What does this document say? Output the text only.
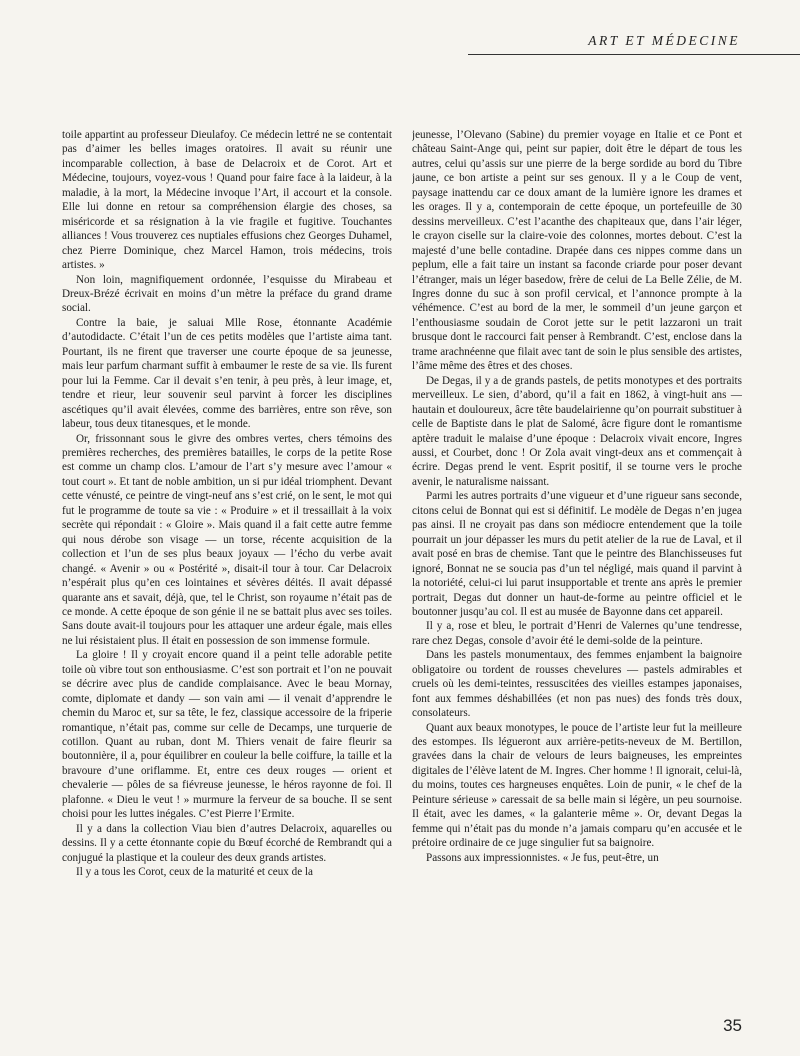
ART ET MÉDECINE

toile appartint au professeur Dieulafoy. Ce médecin lettré ne se contentait pas d’aimer les belles images oratoires. Il avait su réunir une incomparable collection, à base de Delacroix et de Corot. Art et Médecine, toujours, voyez-vous ! Quand pour faire face à la laideur, à la maladie, à la mort, la Médecine invoque l’Art, il accourt et la console. Elle lui donne en retour sa compréhension élargie des choses, sa miséricorde et sa résignation à la vie fragile et fugitive. Touchantes alliances ! Vous trouverez ces nuptiales effusions chez Georges Duhamel, chez Pierre Dominique, chez Marcel Hamon, trois médecins, trois artistes. »

Non loin, magnifiquement ordonnée, l’esquisse du Mirabeau et Dreux-Brézé écrivait en moins d’un mètre la préface du grand drame social.

Contre la baie, je saluai Mlle Rose, étonnante Académie d’autodidacte. C’était l’un de ces petits modèles que l’artiste aima tant. Pourtant, ils ne firent que traverser une courte époque de sa jeunesse, mais leur parfum charmant suffit à embaumer le reste de sa vie. Ils furent pour lui la Femme. Car il devait s’en tenir, à peu près, à leur image, et, tendre et rieur, leur souvenir seul parvint à forcer les disciplines ascétiques qu’il avait élevées, comme des barrières, entre son rêve, son labeur, tous deux titanesques, et le monde.

Or, frissonnant sous le givre des ombres vertes, chers témoins des premières recherches, des premières batailles, le corps de la petite Rose est comme un champ clos. L’amour de l’art s’y mesure avec l’amour « tout court ». Et tant de noble ambition, un si pur idéal triomphent. Devant cette vénusté, ce peintre de vingt-neuf ans s’est crié, on le sent, le mot qui fut le programme de toute sa vie : « Produire » et il tressaillait à la voix secrète qui répondait : « Gloire ». Mais quand il a fait cette autre femme qui nous dérobe son visage — un torse, récente acquisition de la collection et l’un de ses plus beaux joyaux — l’écho du verbe avait changé. « Avenir » ou « Postérité », disait-il tour à tour. Car Delacroix n’espérait plus qu’en ces lointaines et sévères déités. Il avait dépassé quarante ans et savait, déjà, que, tel le Christ, son royaume n’était pas de ce monde. A cette époque de son génie il ne se battait plus avec ses toiles. Sans doute avait-il toujours pour les attaquer une ardeur égale, mais elles ne lui résistaient plus. Il était en possession de son immense formule.

La gloire ! Il y croyait encore quand il a peint telle adorable petite toile où vibre tout son enthousiasme. C’est son portrait et l’on ne pouvait se décrire avec plus de candide complaisance. Avec le beau Mornay, comte, diplomate et dandy — son vain ami — il venait d’apprendre le chemin du Maroc et, sur sa tête, le fez, classique accessoire de la friperie romantique, n’était pas, comme sur celle de Decamps, une turquerie de cotillon. Quant au ruban, dont M. Thiers venait de faire fleurir sa boutonnière, il a, pour équilibrer en couleur la belle coiffure, la taille et la bravoure d’une oriflamme. Et, entre ces deux rouges — orient et chevalerie — pôles de sa fiévreuse jeunesse, le héros rayonne de foi. Il plafonne. « Dieu le veut ! » murmure la ferveur de sa bouche. Il se sent choisi pour les luttes inégales. C’est Pierre l’Ermite.

Il y a dans la collection Viau bien d’autres Delacroix, aquarelles ou dessins. Il y a cette étonnante copie du Bœuf écorché de Rembrandt qui a conjugué la plastique et la couleur des deux grands artistes.

Il y a tous les Corot, ceux de la maturité et ceux de la

jeunesse, l’Olevano (Sabine) du premier voyage en Italie et ce Pont et château Saint-Ange qui, peint sur papier, doit être le départ de tous les autres, celui qu’assis sur une pierre de la berge sordide au bord du Tibre jaune, ce bon artiste a peint sur ses genoux. Il y a le Coup de vent, paysage inattendu car ce doux amant de la lumière ignore les drames et les orages. Il y a, contemporain de cette époque, un portefeuille de 30 dessins merveilleux. C’est l’acanthe des chapiteaux que, dans l’air léger, le crayon ciselle sur la claire-voie des colonnes, mortes debout. C’est la majesté d’une belle contadine. Drapée dans ces nippes comme dans un peplum, elle a fait taire un instant sa faconde criarde pour poser devant l’étranger, mais un léger basedow, frère de celui de La Belle Zélie, de M. Ingres donne du suc à son profil cervical, et l’annonce prompte à la véhémence. C’est au bord de la mer, le sommeil d’un jeune garçon et l’enthousiasme soudain de Corot jette sur le petit lazzaroni un trait brusque dont le raccourci fait penser à Rembrandt. C’est, enclose dans la trame arachnéenne que filait avec tant de soin le plus sensible des artistes, l’âme même des êtres et des choses.

De Degas, il y a de grands pastels, de petits monotypes et des portraits merveilleux. Le sien, d’abord, qu’il a fait en 1862, à vingt-huit ans — hautain et douloureux, âcre tête baudelairienne qu’on pourrait substituer à celle de Baptiste dans le plat de Salomé, âcre figure dont le romantisme aptère traduit le malaise d’une époque : Delacroix vivait encore, Ingres aussi, et Courbet, donc ! Or Zola avait vingt-deux ans et commençait à écrire. Degas prend le vent. Esprit positif, il se tourne vers le proche avenir, le naturalisme naissant.

Parmi les autres portraits d’une vigueur et d’une rigueur sans seconde, citons celui de Bonnat qui est si définitif. Le modèle de Degas n’en jugea pas ainsi. Il ne croyait pas dans son médiocre entendement que la toile pourrait un jour dépasser les murs du petit atelier de la rue de Laval, et il avait posé en bras de chemise. Tant que le peintre des Blanchisseuses fut ignoré, Bonnat ne se soucia pas d’un tel négligé, mais quand il parvint à la notoriété, celui-ci lui parut insupportable et trente ans après le premier portrait, Degas dut donner un haut-de-forme au peintre officiel et le boutonner jusqu’au col. Il est au musée de Bayonne dans cet appareil.

Il y a, rose et bleu, le portrait d’Henri de Valernes qu’une tendresse, rare chez Degas, console d’avoir été le demi-solde de la peinture.

Dans les pastels monumentaux, des femmes enjambent la baignoire obligatoire ou tordent de rousses chevelures — pastels admirables et cruels où les demi-teintes, ressuscitées des vieilles estampes japonaises, font aux femmes déshabillées (et non pas nues) des fonds très doux, consolateurs.

Quant aux beaux monotypes, le pouce de l’artiste leur fut la meilleure des estompes. Ils légueront aux arrière-petits-neveux de M. Bertillon, gravées dans la chair de velours de leurs baigneuses, les empreintes digitales de l’élève latent de M. Ingres. Cher homme ! Il ignorait, celui-là, du moins, toutes ces hargneuses enquêtes. Loin de punir, « le chef de la Peinture sérieuse » caressait de sa belle main si légère, un peu sournoise. Il était, avec les dames, « la galanterie même ». Or, devant Degas la femme qui n’était pas du monde n’a jamais comparu qu’en accusée et le prétoire ordinaire de ce juge singulier fut sa baignoire.

Passons aux impressionnistes. « Je fus, peut-être, un

35
